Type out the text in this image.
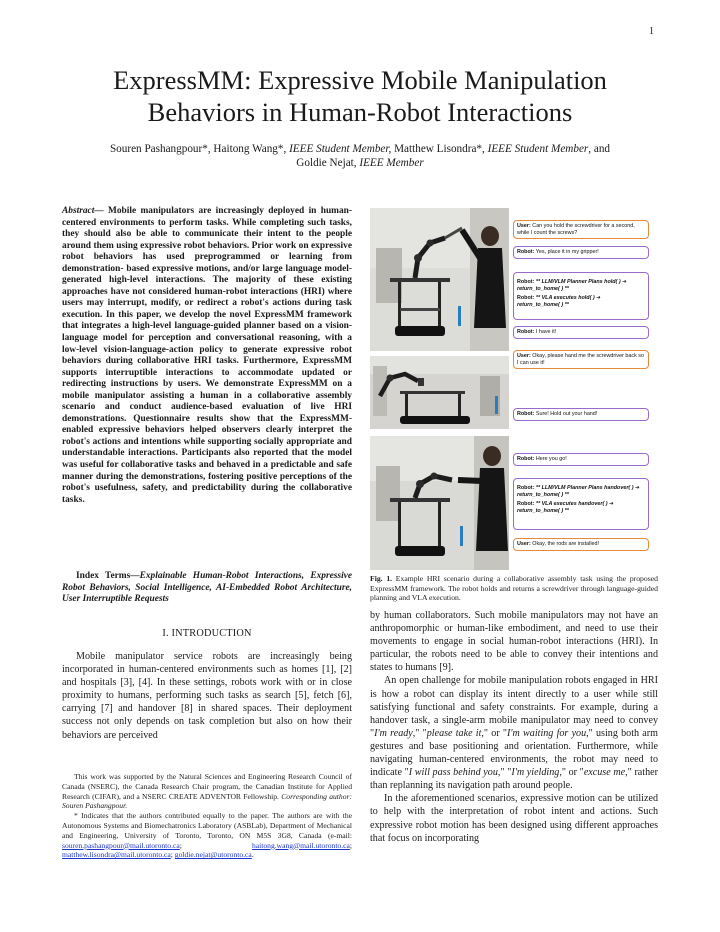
1
ExpressMM: Expressive Mobile Manipulation Behaviors in Human-Robot Interactions
Souren Pashangpour*, Haitong Wang*, IEEE Student Member, Matthew Lisondra*, IEEE Student Member, and Goldie Nejat, IEEE Member
Abstract— Mobile manipulators are increasingly deployed in human-centered environments to perform tasks. While completing such tasks, they should also be able to communicate their intent to the people around them using expressive robot behaviors. Prior work on expressive robot behaviors has used preprogrammed or learning from demonstration- based expressive motions, and/or large language model-generated high-level interactions. The majority of these existing approaches have not considered human-robot interactions (HRI) where users may interrupt, modify, or redirect a robot's actions during task execution. In this paper, we develop the novel ExpressMM framework that integrates a high-level language-guided planner based on a vision-language model for perception and conversational reasoning, with a low-level vision-language-action policy to generate expressive robot behaviors during collaborative HRI tasks. Furthermore, ExpressMM supports interruptible interactions to accommodate updated or redirecting instructions by users. We demonstrate ExpressMM on a mobile manipulator assisting a human in a collaborative assembly scenario and conduct audience-based evaluation of live HRI demonstrations. Questionnaire results show that the ExpressMM-enabled expressive behaviors helped observers clearly interpret the robot's actions and intentions while supporting socially appropriate and understandable interactions. Participants also reported that the model was useful for collaborative tasks and behaved in a predictable and safe manner during the demonstrations, fostering positive perceptions of the robot's usefulness, safety, and predictability during the collaborative tasks.
Index Terms—Explainable Human-Robot Interactions, Expressive Robot Behaviors, Social Intelligence, AI-Embedded Robot Architecture, User Interruptible Requests
I. INTRODUCTION
Mobile manipulator service robots are increasingly being incorporated in human-centered environments such as homes [1], [2] and hospitals [3], [4]. In these settings, robots work with or in close proximity to humans, performing such tasks as search [5], fetch [6], carrying [7] and handover [8] in shared spaces. Their deployment success not only depends on task completion but also on how their behaviors are perceived

This work was supported by the Natural Sciences and Engineering Research Council of Canada (NSERC), the Canada Research Chair program, the Canadian Institute for Applied Research (CIFAR), and a NSERC CREATE ADVENTOR Fellowship. Corresponding author: Souren Pashangpour.

* Indicates that the authors contributed equally to the paper. The authors are with the Autonomous Systems and Biomechatronics Laboratory (ASBLab), Department of Mechanical and Engineering, University of Toronto, Toronto, ON M5S 3G8, Canada (e-mail: souren.pashangpour@mail.utoronto.ca; haitong.wang@mail.utoronto.ca; matthew.lisondra@mail.utoronto.ca; goldie.nejat@utoronto.ca.

User: Can you hold the screwdriver for a second, while I count the screws?
Robot: Yes, place it in my gripper!
Robot: ** LLM/VLM Planner Plans hold( ) ➔ return_to_home( ) **
Robot: ** VLA executes hold( ) ➔ return_to_home( ) **
Robot: I have it!
User: Okay, please hand me the screwdriver back so I can use it!
Robot: Sure! Hold out your hand!
Robot: Here you go!
Robot: ** LLM/VLM Planner Plans handover( ) ➔ return_to_home( ) **
Robot: ** VLA executes handover( ) ➔ return_to_home( ) **
User: Okay, the rods are installed!
Fig. 1. Example HRI scenario during a collaborative assembly task using the proposed ExpressMM framework. The robot holds and returns a screwdriver through language-guided planning and VLA execution.

by human collaborators. Such mobile manipulators may not have an anthropomorphic or human-like embodiment, and need to use their movements to engage in social human-robot interactions (HRI). In particular, the robots need to be able to convey their intentions and states to humans [9].

An open challenge for mobile manipulation robots engaged in HRI is how a robot can display its intent directly to a user while still satisfying functional and safety constraints. For example, during a handover task, a single-arm mobile manipulator may need to convey "I'm ready," "please take it," or "I'm waiting for you," using both arm gestures and base positioning and orientation. Furthermore, while navigating human-centered environments, the robot may need to indicate "I will pass behind you," "I'm yielding," or "excuse me," rather than replanning its navigation path around people.

In the aforementioned scenarios, expressive motion can be utilized to help with the interpretation of robot intent and actions. Such expressive robot motion has been designed using different approaches that focus on incorporating
